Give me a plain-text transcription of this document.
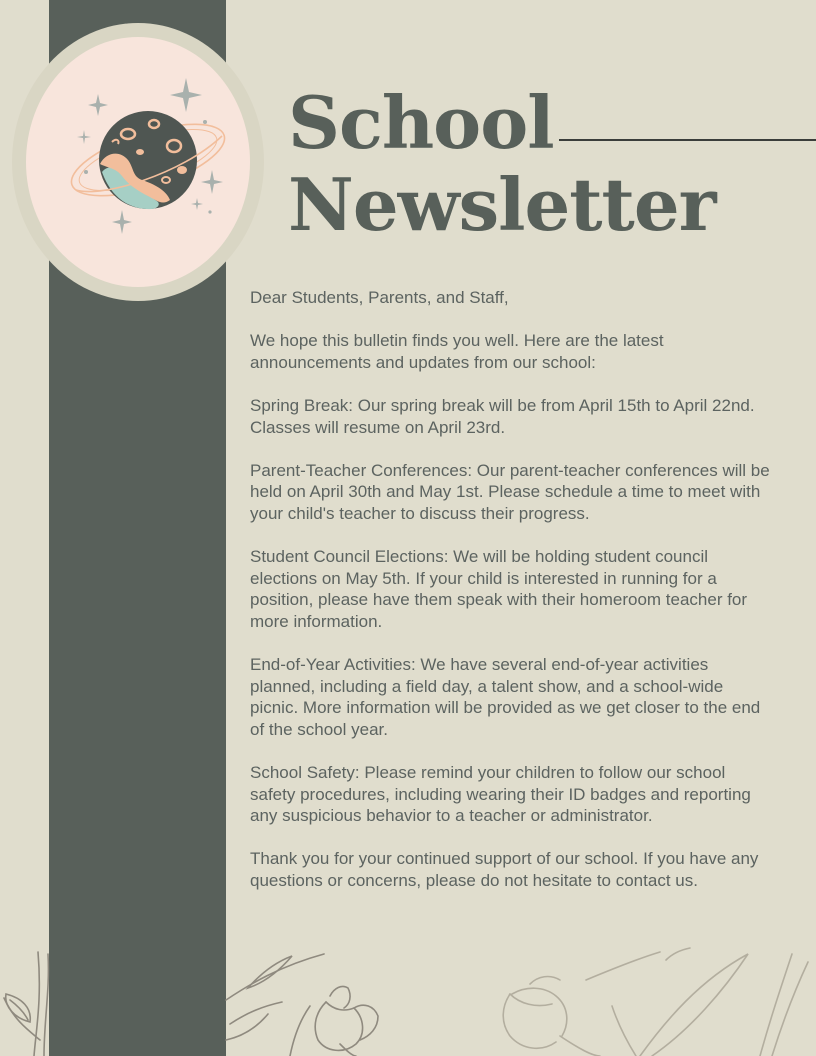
School
Newsletter

Dear Students, Parents, and Staff,

We hope this bulletin finds you well. Here are the latest announcements and updates from our school:

Spring Break: Our spring break will be from April 15th to April 22nd. Classes will resume on April 23rd.

Parent-Teacher Conferences: Our parent-teacher conferences will be held on April 30th and May 1st. Please schedule a time to meet with your child's teacher to discuss their progress.

Student Council Elections: We will be holding student council elections on May 5th. If your child is interested in running for a position, please have them speak with their homeroom teacher for more information.

End-of-Year Activities: We have several end-of-year activities planned, including a field day, a talent show, and a school-wide picnic. More information will be provided as we get closer to the end of the school year.

School Safety: Please remind your children to follow our school safety procedures, including wearing their ID badges and reporting any suspicious behavior to a teacher or administrator.

Thank you for your continued support of our school. If you have any questions or concerns, please do not hesitate to contact us.
